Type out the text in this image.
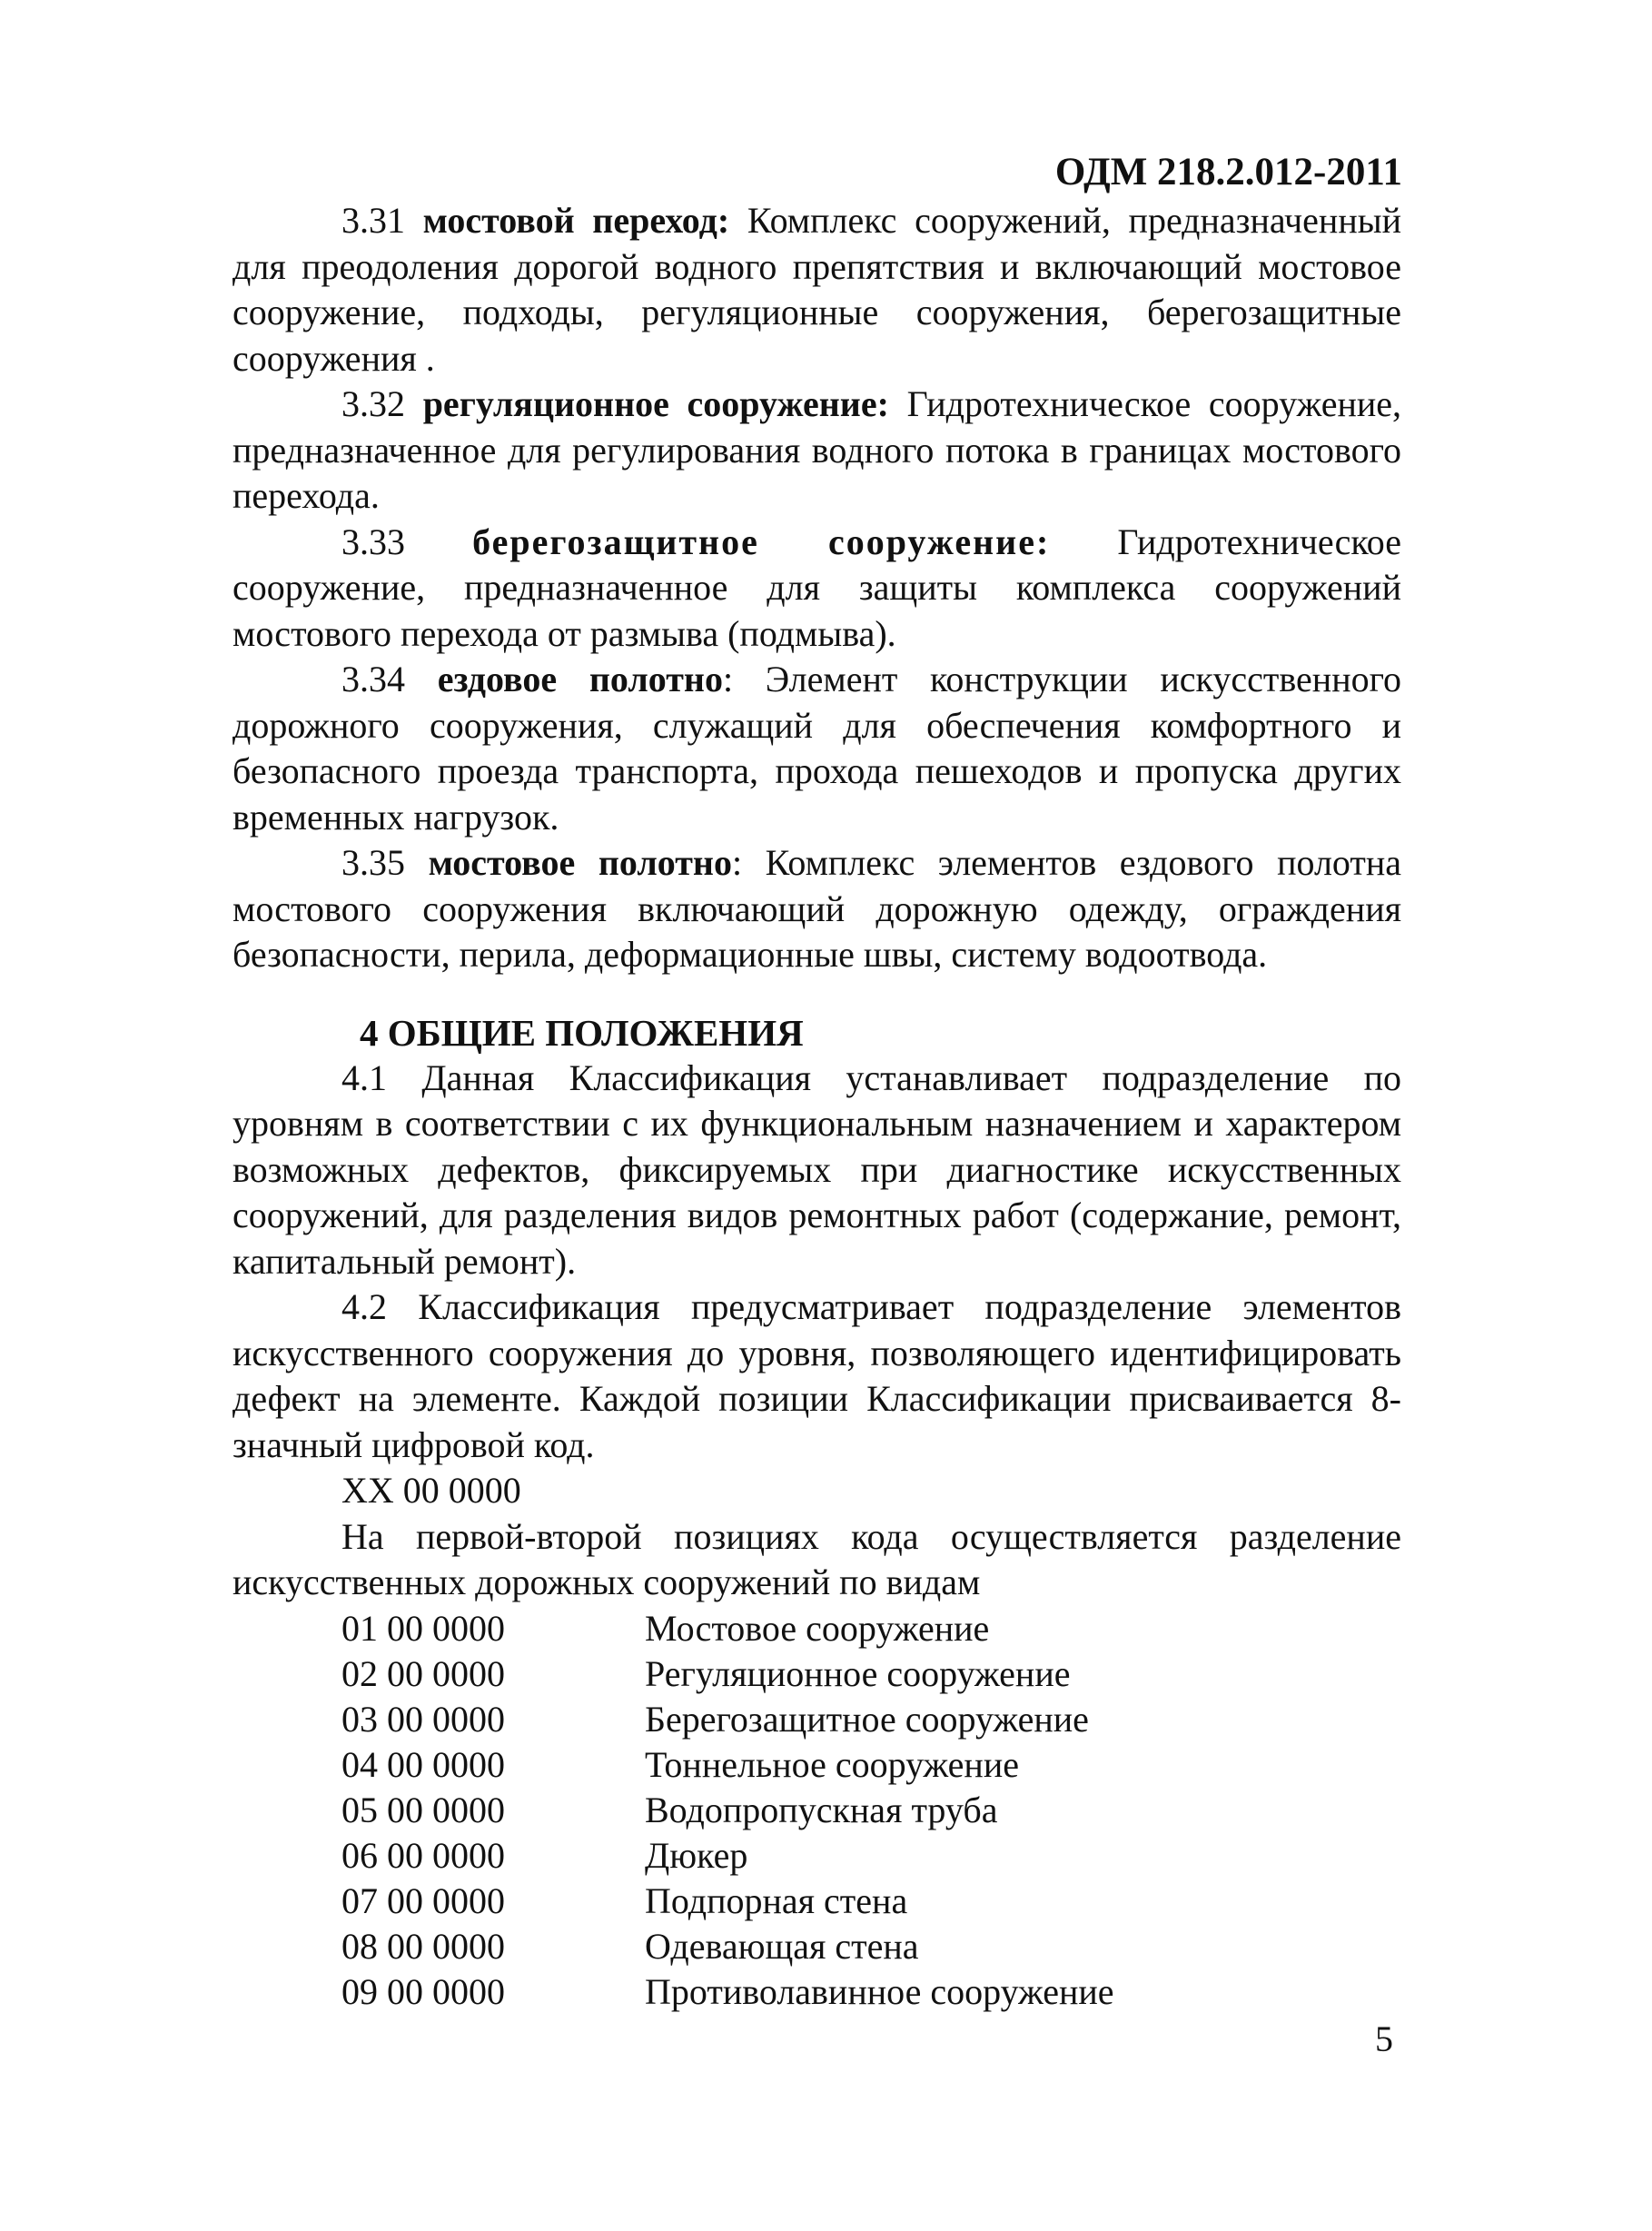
ОДМ 218.2.012-2011

3.31 мостовой переход: Комплекс сооружений, предназначенный для преодоления дорогой водного препятствия и включающий мостовое сооружение, подходы, регуляционные сооружения, берегозащитные сооружения .

3.32 регуляционное сооружение: Гидротехническое сооружение, предназначенное для регулирования водного потока в границах мостового перехода.

3.33 берегозащитное сооружение: Гидротехническое сооружение, предназначенное для защиты комплекса сооружений мостового перехода от размыва (подмыва).

3.34 ездовое полотно: Элемент конструкции искусственного дорожного сооружения, служащий для обеспечения комфортного и безопасного проезда транспорта, прохода пешеходов и пропуска других временных нагрузок.

3.35 мостовое полотно: Комплекс элементов ездового полотна мостового сооружения включающий дорожную одежду, ограждения безопасности, перила, деформационные швы, систему водоотвода.

4 ОБЩИЕ ПОЛОЖЕНИЯ

4.1 Данная Классификация устанавливает подразделение по уровням в соответствии с их функциональным назначением и характером возможных дефектов, фиксируемых при диагностике искусственных сооружений, для разделения видов ремонтных работ (содержание, ремонт, капитальный ремонт).

4.2 Классификация предусматривает подразделение элементов искусственного сооружения до уровня, позволяющего идентифицировать дефект на элементе. Каждой позиции Классификации присваивается 8-значный цифровой код.

XX 00 0000

На первой-второй позициях кода осуществляется разделение искусственных дорожных сооружений по видам

01 00 0000	Мостовое сооружение
02 00 0000	Регуляционное сооружение
03 00 0000	Берегозащитное сооружение
04 00 0000	Тоннельное сооружение
05 00 0000	Водопропускная труба
06 00 0000	Дюкер
07 00 0000	Подпорная стена
08 00 0000	Одевающая стена
09 00 0000	Противолавинное сооружение
5
